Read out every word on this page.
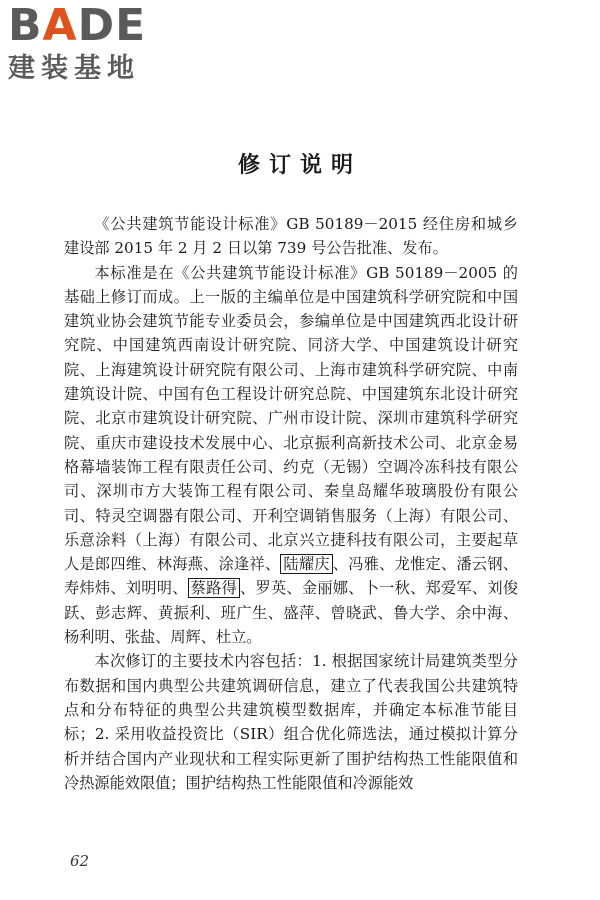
BADE
建装基地
修订说明

《公共建筑节能设计标准》GB 50189－2015 经住房和城乡建设部 2015 年 2 月 2 日以第 739 号公告批准、发布。

本标准是在《公共建筑节能设计标准》GB 50189－2005 的基础上修订而成。上一版的主编单位是中国建筑科学研究院和中国建筑业协会建筑节能专业委员会，参编单位是中国建筑西北设计研究院、中国建筑西南设计研究院、同济大学、中国建筑设计研究院、上海建筑设计研究院有限公司、上海市建筑科学研究院、中南建筑设计院、中国有色工程设计研究总院、中国建筑东北设计研究院、北京市建筑设计研究院、广州市设计院、深圳市建筑科学研究院、重庆市建设技术发展中心、北京振利高新技术公司、北京金易格幕墙装饰工程有限责任公司、约克（无锡）空调冷冻科技有限公司、深圳市方大装饰工程有限公司、秦皇岛耀华玻璃股份有限公司、特灵空调器有限公司、开利空调销售服务（上海）有限公司、乐意涂料（上海）有限公司、北京兴立捷科技有限公司，主要起草人是郎四维、林海燕、涂逢祥、 陆耀庆 、冯雅、龙惟定、潘云钢、寿炜炜、刘明明、 蔡路得 、罗英、金丽娜、卜一秋、郑爱军、刘俊跃、彭志辉、黄振利、班广生、盛萍、曾晓武、鲁大学、余中海、杨利明、张盐、周辉、杜立。

本次修订的主要技术内容包括：1. 根据国家统计局建筑类型分布数据和国内典型公共建筑调研信息，建立了代表我国公共建筑特点和分布特征的典型公共建筑模型数据库，并确定本标准节能目标；2. 采用收益投资比（SIR）组合优化筛选法，通过模拟计算分析并结合国内产业现状和工程实际更新了围护结构热工性能限值和冷热源能效限值；围护结构热工性能限值和冷源能效

62
